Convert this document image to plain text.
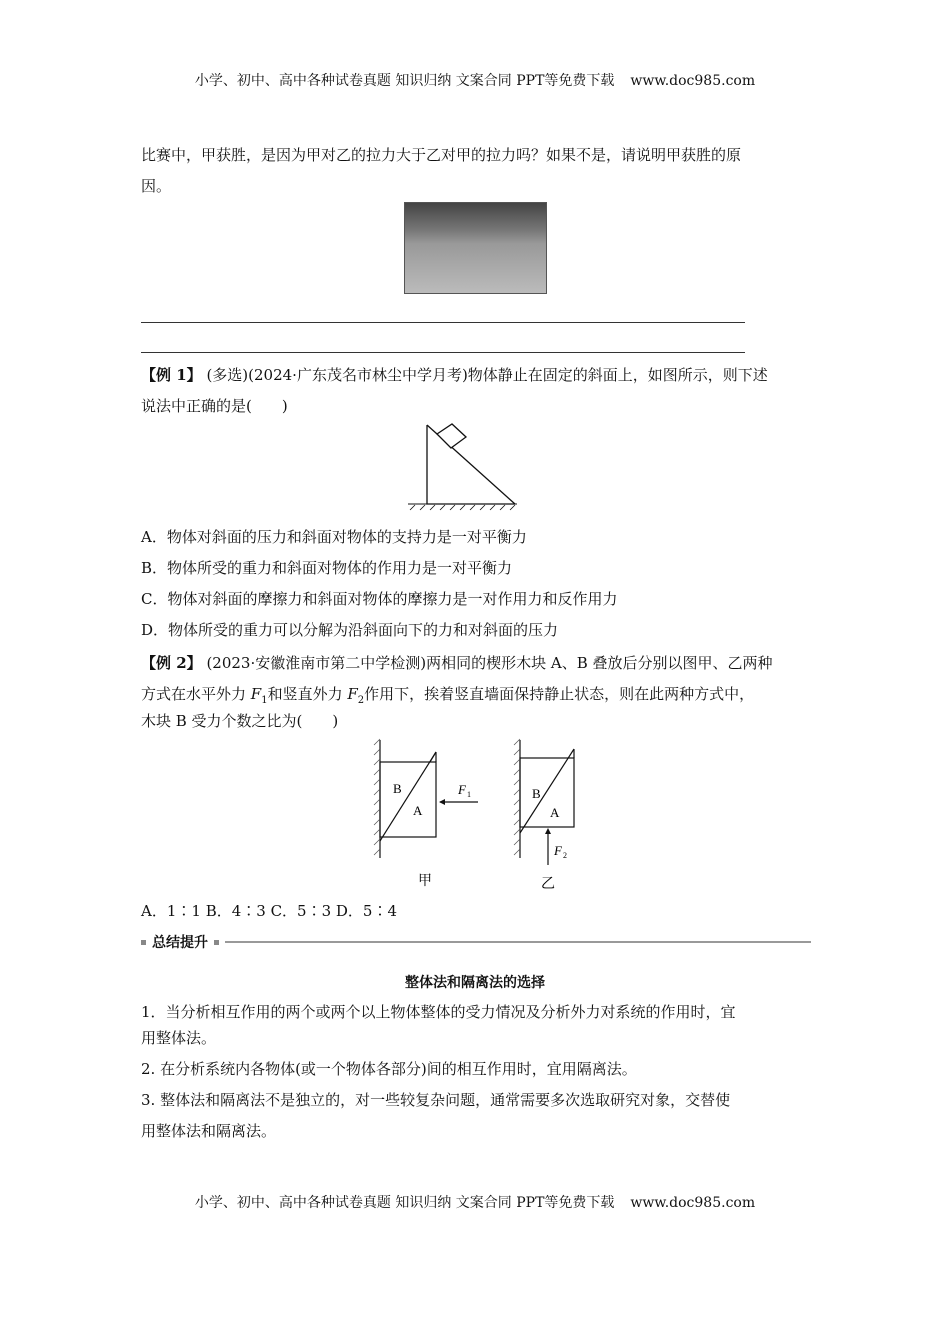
小学、初中、高中各种试卷真题 知识归纳 文案合同 PPT等免费下载 www.doc985.com
比赛中，甲获胜，是因为甲对乙的拉力大于乙对甲的拉力吗？如果不是，请说明甲获胜的原
因。
【例 1】 (多选)(2024·广东茂名市林尘中学月考)物体静止在固定的斜面上，如图所示，则下述
说法中正确的是(　　)
A．物体对斜面的压力和斜面对物体的支持力是一对平衡力
B．物体所受的重力和斜面对物体的作用力是一对平衡力
C．物体对斜面的摩擦力和斜面对物体的摩擦力是一对作用力和反作用力
D．物体所受的重力可以分解为沿斜面向下的力和对斜面的压力
【例 2】 (2023·安徽淮南市第二中学检测)两相同的楔形木块 A、B 叠放后分别以图甲、乙两种
方式在水平外力 $F_1$和竖直外力 $F_2$作用下，挨着竖直墙面保持静止状态，则在此两种方式中，
木块 B 受力个数之比为(　　)
B
A
F 1	B
A
F 2
甲	乙
A．1∶1 B．4∶3 C．5∶3 D．5∶4
总结提升
整体法和隔离法的选择
1．当分析相互作用的两个或两个以上物体整体的受力情况及分析外力对系统的作用时，宜
用整体法。
2. 在分析系统内各物体(或一个物体各部分)间的相互作用时，宜用隔离法。
3. 整体法和隔离法不是独立的，对一些较复杂问题，通常需要多次选取研究对象，交替使
用整体法和隔离法。
小学、初中、高中各种试卷真题 知识归纳 文案合同 PPT等免费下载 www.doc985.com
